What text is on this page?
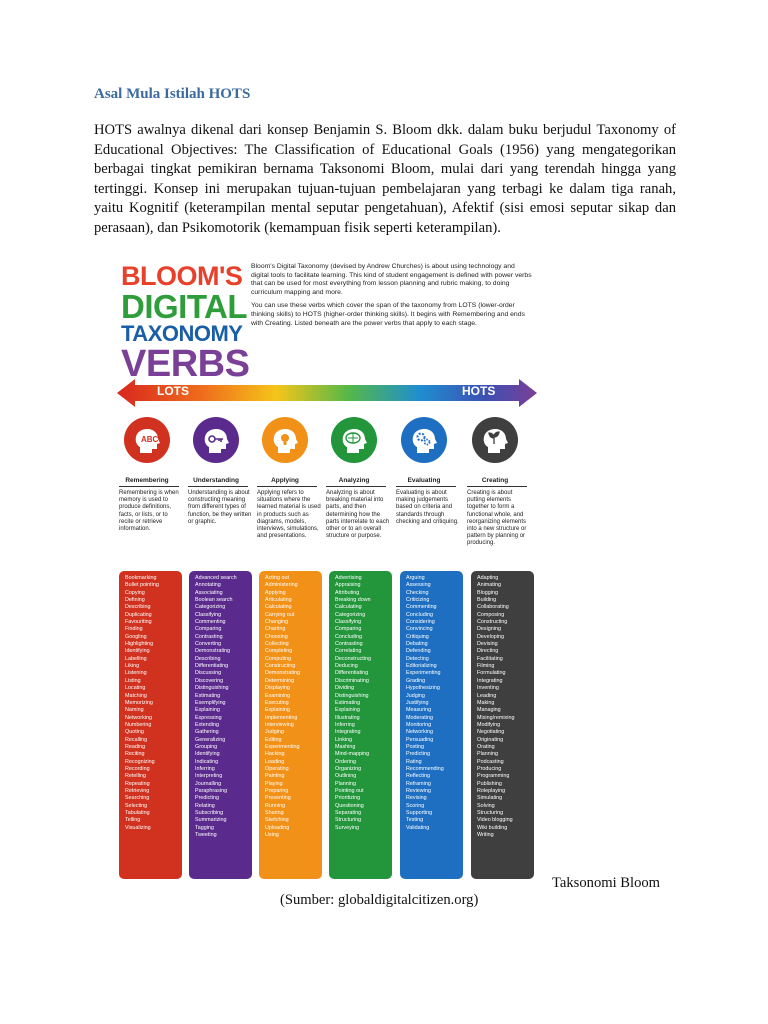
Asal Mula Istilah HOTS
HOTS awalnya dikenal dari konsep Benjamin S. Bloom dkk. dalam buku berjudul Taxonomy of Educational Objectives: The Classification of Educational Goals (1956) yang mengategorikan berbagai tingkat pemikiran bernama Taksonomi Bloom, mulai dari yang terendah hingga yang tertinggi. Konsep ini merupakan tujuan-tujuan pembelajaran yang terbagi ke dalam tiga ranah, yaitu Kognitif (keterampilan mental seputar pengetahuan), Afektif (sisi emosi seputar sikap dan perasaan), dan Psikomotorik (kemampuan fisik seperti keterampilan).
BLOOM'S
DIGITAL
TAXONOMY
VERBS

Bloom's Digital Taxonomy (devised by Andrew Churches) is about using technology and digital tools to facilitate learning. This kind of student engagement is defined with power verbs that can be used for most everything from lesson planning and rubric making, to doing curriculum mapping and more.

You can use these verbs which cover the span of the taxonomy from LOTS (lower-order thinking skills) to HOTS (higher-order thinking skills). It begins with Remembering and ends with Creating. Listed beneath are the power verbs that apply to each stage.

LOTS	HOTS
ABC
Remembering	Understanding	Applying	Analyzing	Evaluating	Creating
Remembering is when memory is used to produce definitions, facts, or lists, or to recite or retrieve information.
Understanding is about constructing meaning from different types of function, be they written or graphic.
Applying refers to situations where the learned material is used in products such as diagrams, models, interviews, simulations, and presentations.
Analyzing is about breaking material into parts, and then determining how the parts interrelate to each other or to an overall structure or purpose.
Evaluating is about making judgements based on criteria and standards through checking and critiquing.
Creating is about putting elements together to form a functional whole, and reorganizing elements into a new structure or pattern by planning or producing.
Bookmarking
Bullet pointing
Copying
Defining
Describing
Duplicating
Favouriting
Finding
Googling
Highlighting
Identifying
Labelling
Liking
Listening
Listing
Locating
Matching
Memorizing
Naming
Networking
Numbering
Quoting
Recalling
Reading
Reciting
Recognizing
Recording
Retelling
Repeating
Retrieving
Searching
Selecting
Tabulating
Telling
Visualizing
Advanced search
Annotating
Associating
Boolean search
Categorizing
Classifying
Commenting
Comparing
Contrasting
Converting
Demonstrating
Describing
Differentiating
Discussing
Discovering
Distinguishing
Estimating
Exemplifying
Explaining
Expressing
Extending
Gathering
Generalizing
Grouping
Identifying
Indicating
Inferring
Interpreting
Journalling
Paraphrasing
Predicting
Relating
Subscribing
Summarizing
Tagging
Tweeting
Acting out
Administering
Applying
Articulating
Calculating
Carrying out
Changing
Charting
Choosing
Collecting
Completing
Computing
Constructing
Demonstrating
Determining
Displaying
Examining
Executing
Explaining
Implementing
Interviewing
Judging
Editing
Experimenting
Hacking
Loading
Operating
Painting
Playing
Preparing
Presenting
Running
Sharing
Sketching
Uploading
Using
Advertising
Appraising
Attributing
Breaking down
Calculating
Categorizing
Classifying
Comparing
Concluding
Contrasting
Correlating
Deconstructing
Deducing
Differentiating
Discriminating
Dividing
Distinguishing
Estimating
Explaining
Illustrating
Inferring
Integrating
Linking
Mashing
Mind-mapping
Ordering
Organizing
Outlining
Planning
Pointing out
Prioritizing
Questioning
Separating
Structuring
Surveying
Arguing
Assessing
Checking
Criticizing
Commenting
Concluding
Considering
Convincing
Critiquing
Debating
Defending
Detecting
Editorializing
Experimenting
Grading
Hypothesizing
Judging
Justifying
Measuring
Moderating
Monitoring
Networking
Persuading
Posting
Predicting
Rating
Recommending
Reflecting
Reframing
Reviewing
Revising
Scoring
Supporting
Testing
Validating
Adapting
Animating
Blogging
Building
Collaborating
Composing
Constructing
Designing
Developing
Devising
Directing
Facilitating
Filming
Formulating
Integrating
Inventing
Leading
Making
Managing
Mixing/remixing
Modifying
Negotiating
Originating
Orating
Planning
Podcasting
Producing
Programming
Publishing
Roleplaying
Simulating
Solving
Structuring
Video blogging
Wiki building
Writing
Taksonomi Bloom
(Sumber: globaldigitalcitizen.org)
